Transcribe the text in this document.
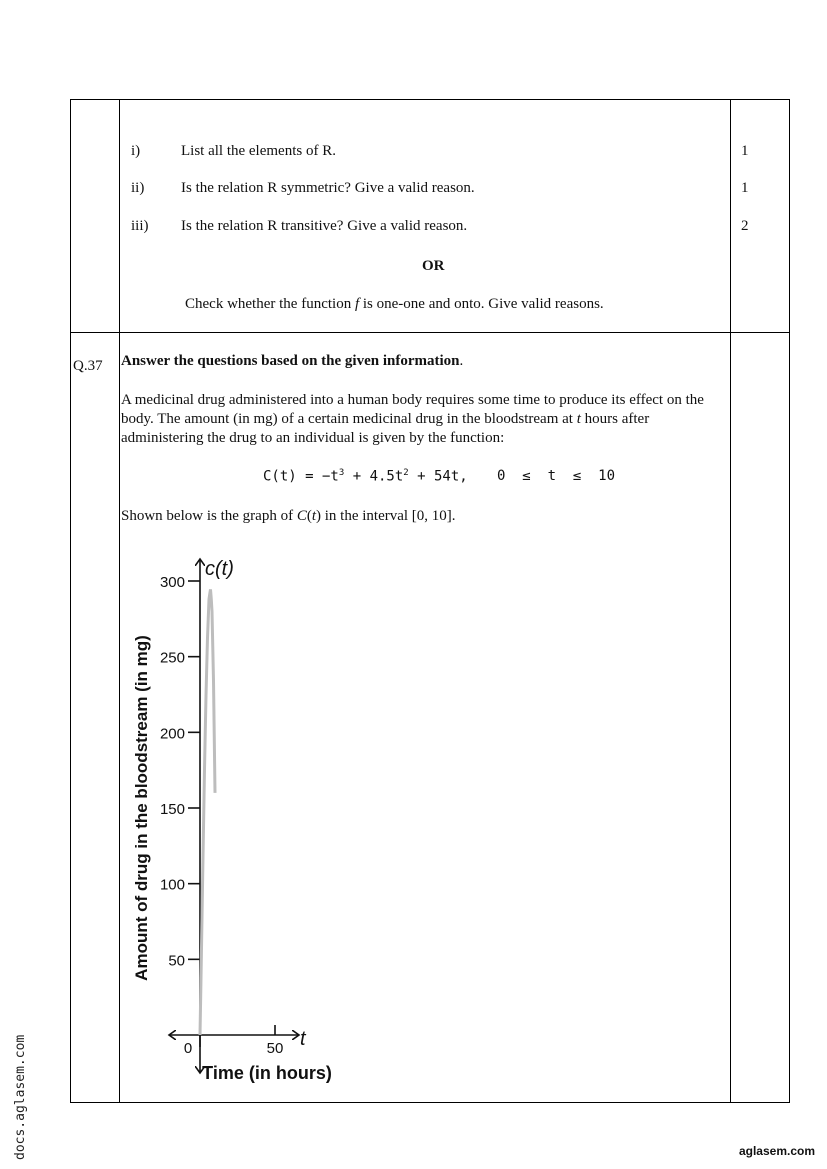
i)	List all the elements of R.	1
ii) Is the relation R symmetric? Give a valid reason.	1
iii) Is the relation R transitive? Give a valid reason.	2
OR
Check whether the function f is one-one and onto. Give valid reasons.
Q.37 Answer the questions based on the given information.
A medicinal drug administered into a human body requires some time to produce its effect on the body. The amount (in mg) of a certain medicinal drug in the bloodstream at t hours after administering the drug to an individual is given by the function:
$C(t) = -t^3 + 4.5t^2 + 54t$, 0  ≤  t  ≤  10
Shown below is the graph of C(t) in the interval [0, 10].
c(t)
t
Amount of drug in the bloodstream (in mg)
Time (in hours)
50
100
150
200
250
300
0	50
docs.aglasem.com	aglasem.com
